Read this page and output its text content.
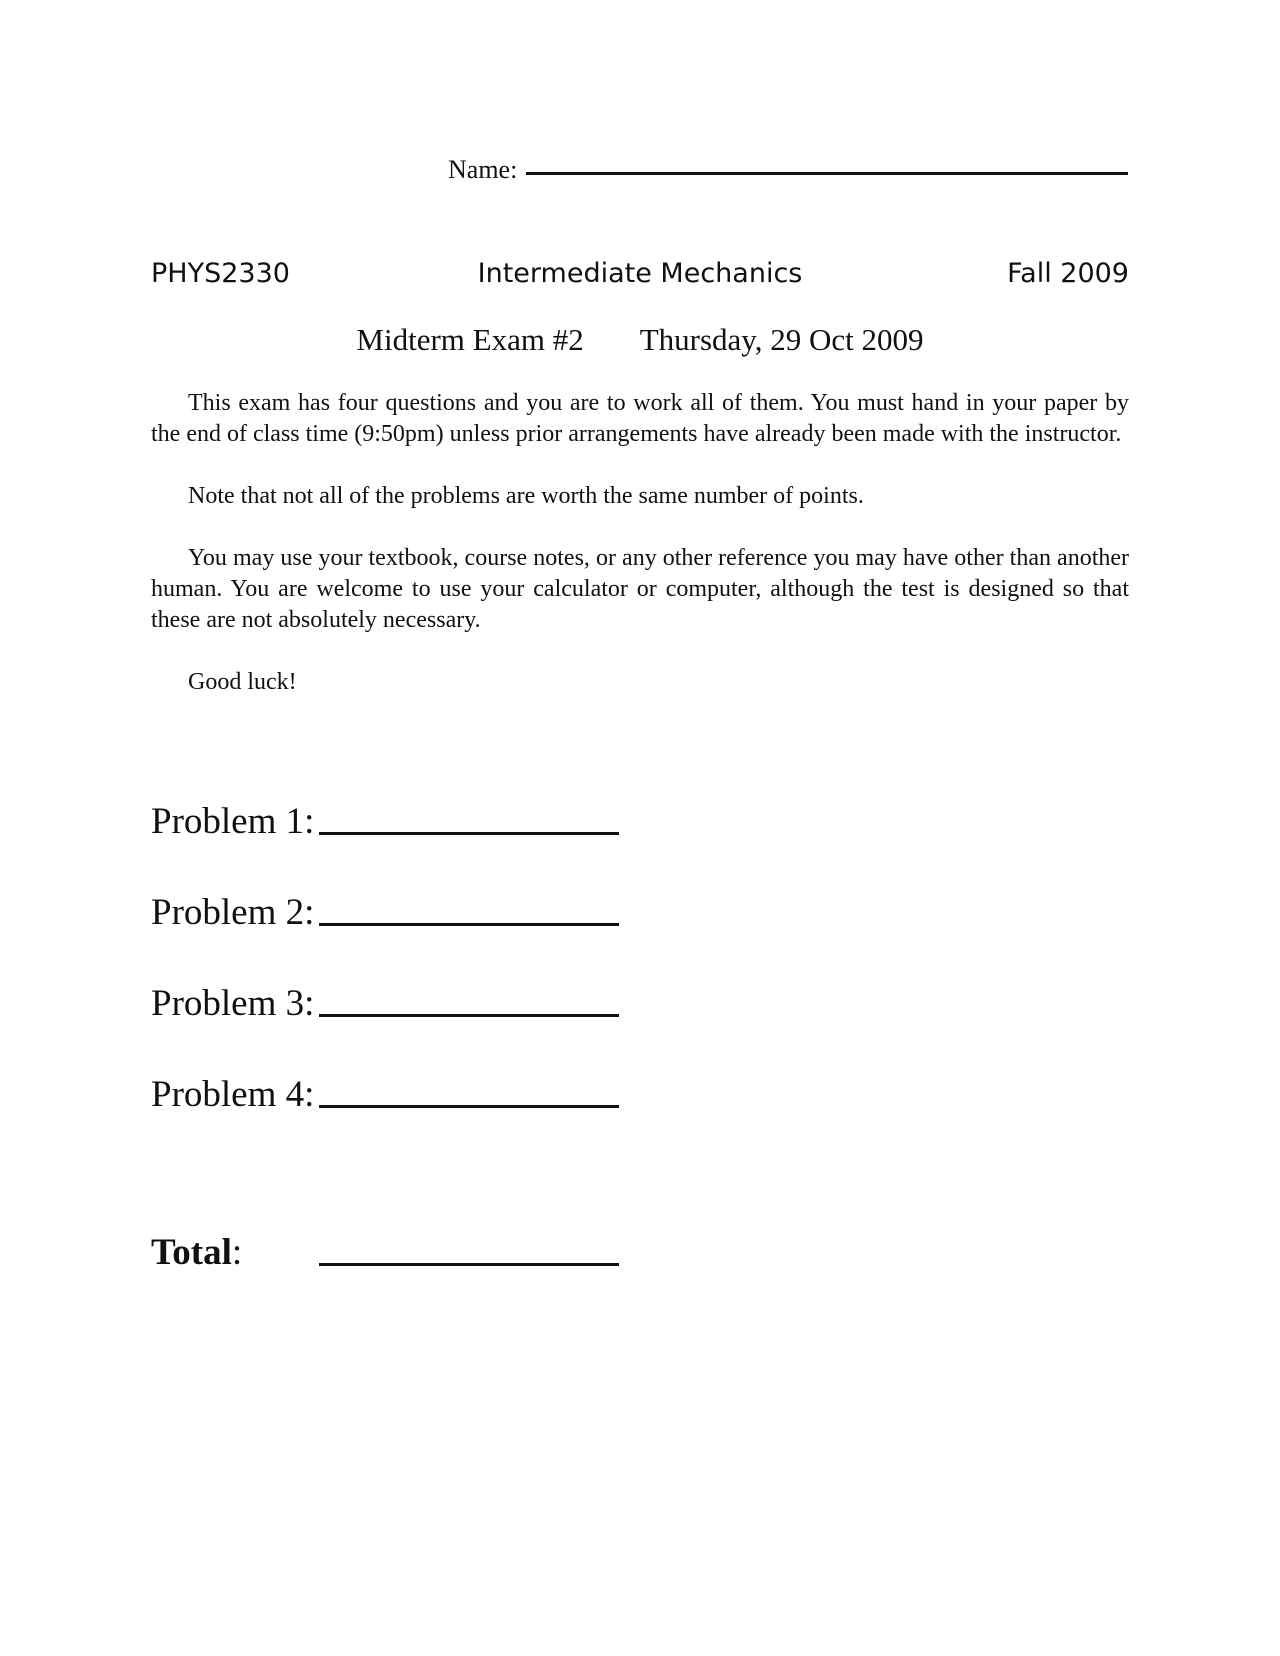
Name:
PHYS2330	Intermediate Mechanics	Fall 2009
Midterm Exam #2 Thursday, 29 Oct 2009

This exam has four questions and you are to work all of them. You must hand in your paper by the end of class time (9:50pm) unless prior arrangements have already been made with the instructor.

Note that not all of the problems are worth the same number of points.

You may use your textbook, course notes, or any other reference you may have other than another human. You are welcome to use your calculator or computer, although the test is designed so that these are not absolutely necessary.

Good luck!

Problem 1:
Problem 2:
Problem 3:
Problem 4:
Total:
